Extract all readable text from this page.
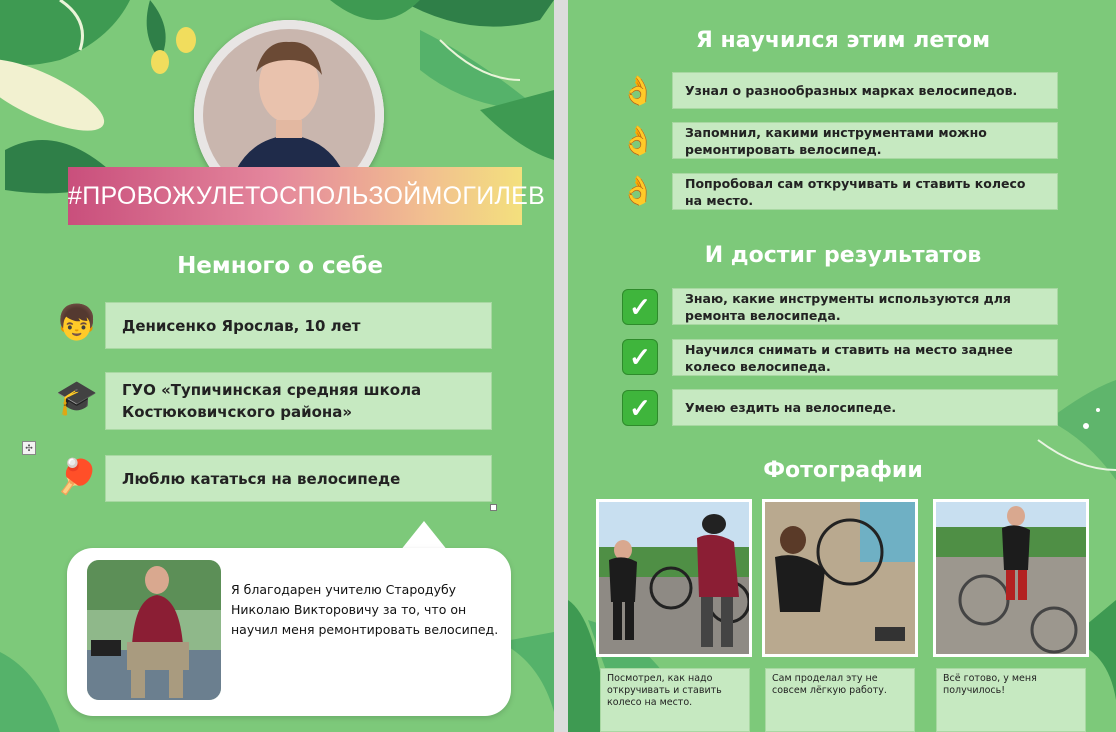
#ПРОВОЖУЛЕТОСПОЛЬЗОЙМОГИЛЕВ
Немного о себе
👦	Денисенко Ярослав, 10 лет
🎓 ГУО «Тупичинская средняя школа Костюковичского района»
✣
🏓	Люблю кататься на велосипеде
Я благодарен учителю Стародубу Николаю Викторовичу за то, что он научил меня ремонтировать велосипед.
Я научился этим летом
👌	Узнал о разнообразных марках велосипедов.
👌	Запомнил, какими инструментами можно ремонтировать велосипед.
👌	Попробовал сам откручивать и ставить колесо на место.
И достиг результатов
✓	Знаю, какие инструменты используются для ремонта велосипеда.
✓	Научился снимать и ставить на место заднее колесо велосипеда.
✓	Умею ездить на велосипеде.
Фотографии
Посмотрел, как надо откручивать и ставить колесо на место.
Сам проделал эту не совсем лёгкую работу.
Всё готово, у меня получилось!
